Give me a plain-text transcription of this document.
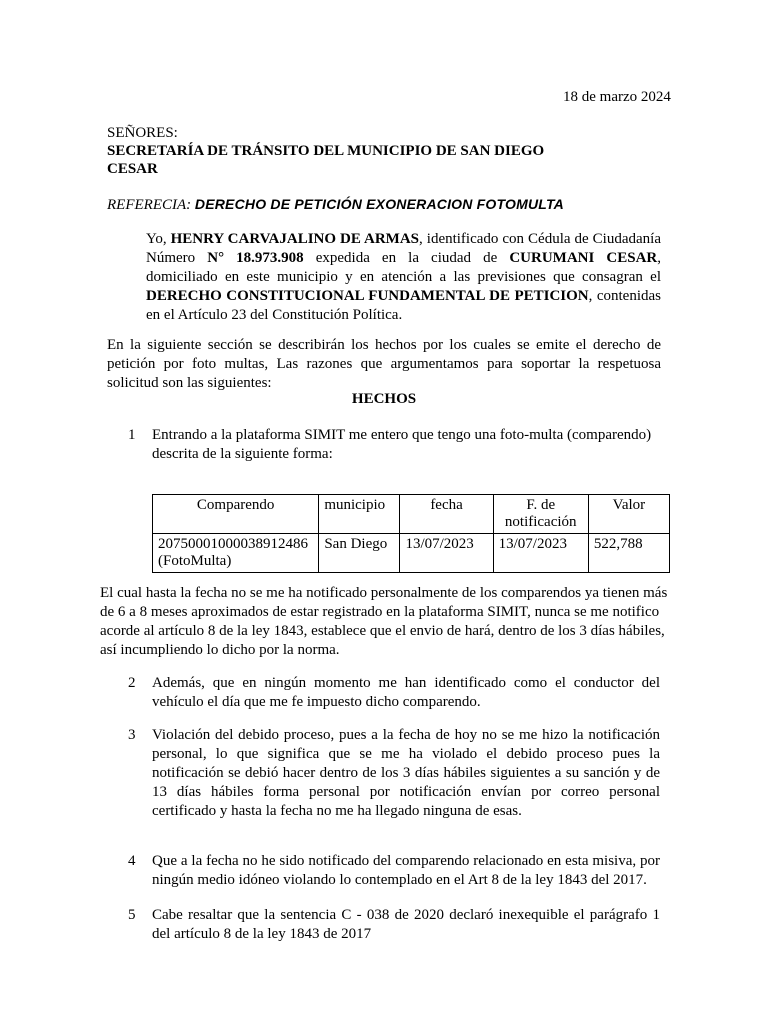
18 de marzo 2024
SEÑORES:
SECRETARÍA DE TRÁNSITO DEL MUNICIPIO DE SAN DIEGO
CESAR
REFERECIA: DERECHO DE PETICIÓN EXONERACION FOTOMULTA
Yo, HENRY CARVAJALINO DE ARMAS, identificado con Cédula de Ciudadanía Número N° 18.973.908 expedida en la ciudad de CURUMANI CESAR, domiciliado en este municipio y en atención a las previsiones que consagran el DERECHO CONSTITUCIONAL FUNDAMENTAL DE PETICION, contenidas en el Artículo 23 del Constitución Política.
En la siguiente sección se describirán los hechos por los cuales se emite el derecho de petición por foto multas, Las razones que argumentamos para soportar la respetuosa solicitud son las siguientes:
HECHOS
1 Entrando a la plataforma SIMIT me entero que tengo una foto-multa (comparendo) descrita de la siguiente forma:
Comparendo	municipio	fecha	F. de notificación	Valor
20750001000038912486 (FotoMulta)	San Diego	13/07/2023	13/07/2023	522,788
El cual hasta la fecha no se me ha notificado personalmente de los comparendos ya tienen más de 6 a 8 meses aproximados de estar registrado en la plataforma SIMIT, nunca se me notifico acorde al artículo 8 de la ley 1843, establece que el envio de hará, dentro de los 3 días hábiles, así incumpliendo lo dicho por la norma.
2 Además, que en ningún momento me han identificado como el conductor del vehículo el día que me fe impuesto dicho comparendo.
3 Violación del debido proceso, pues a la fecha de hoy no se me hizo la notificación personal, lo que significa que se me ha violado el debido proceso pues la notificación se debió hacer dentro de los 3 días hábiles siguientes a su sanción y de 13 días hábiles forma personal por notificación envían por correo personal certificado y hasta la fecha no me ha llegado ninguna de esas.
4 Que a la fecha no he sido notificado del comparendo relacionado en esta misiva, por ningún medio idóneo violando lo contemplado en el Art 8 de la ley 1843 del 2017.
5 Cabe resaltar que la sentencia C - 038 de 2020 declaró inexequible el parágrafo 1 del artículo 8 de la ley 1843 de 2017
